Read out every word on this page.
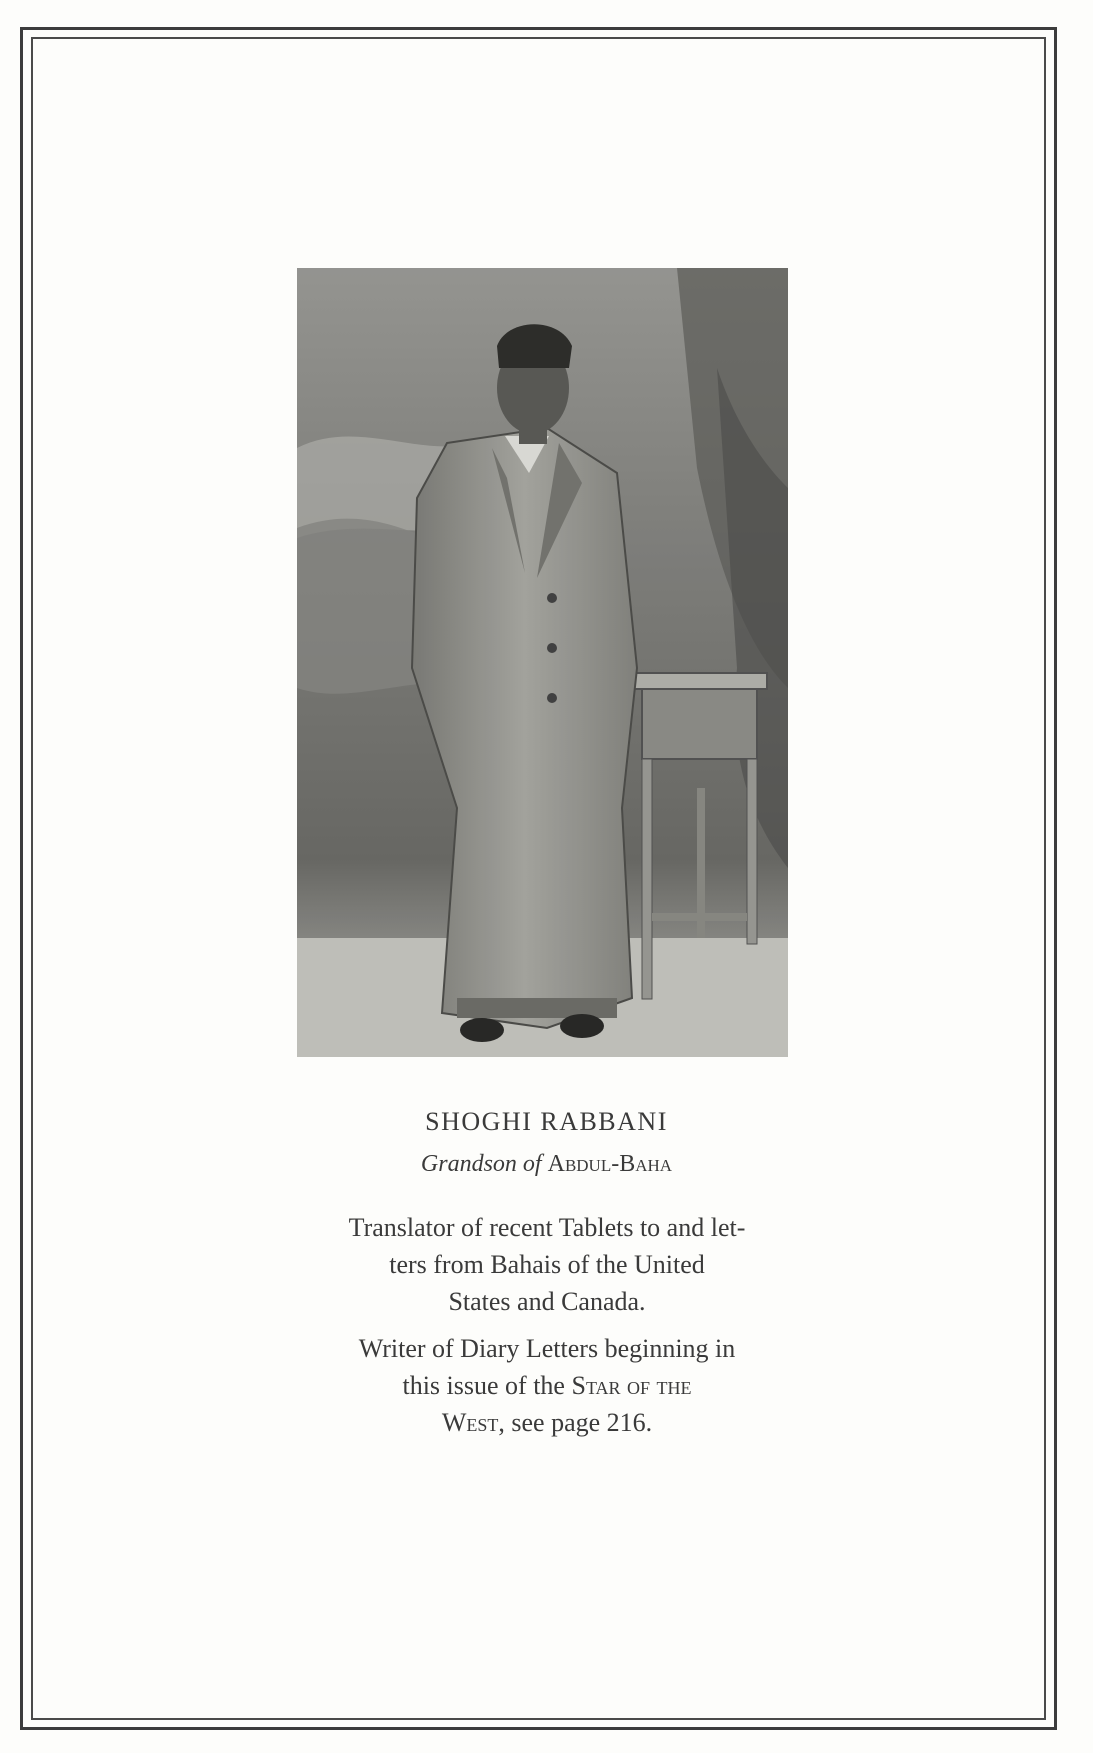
SHOGHI RABBANI
Grandson of Abdul-Baha
Translator of recent Tablets to and let-
ters from Bahais of the United
States and Canada.
Writer of Diary Letters beginning in
this issue of the Star of the
West, see page 216.
